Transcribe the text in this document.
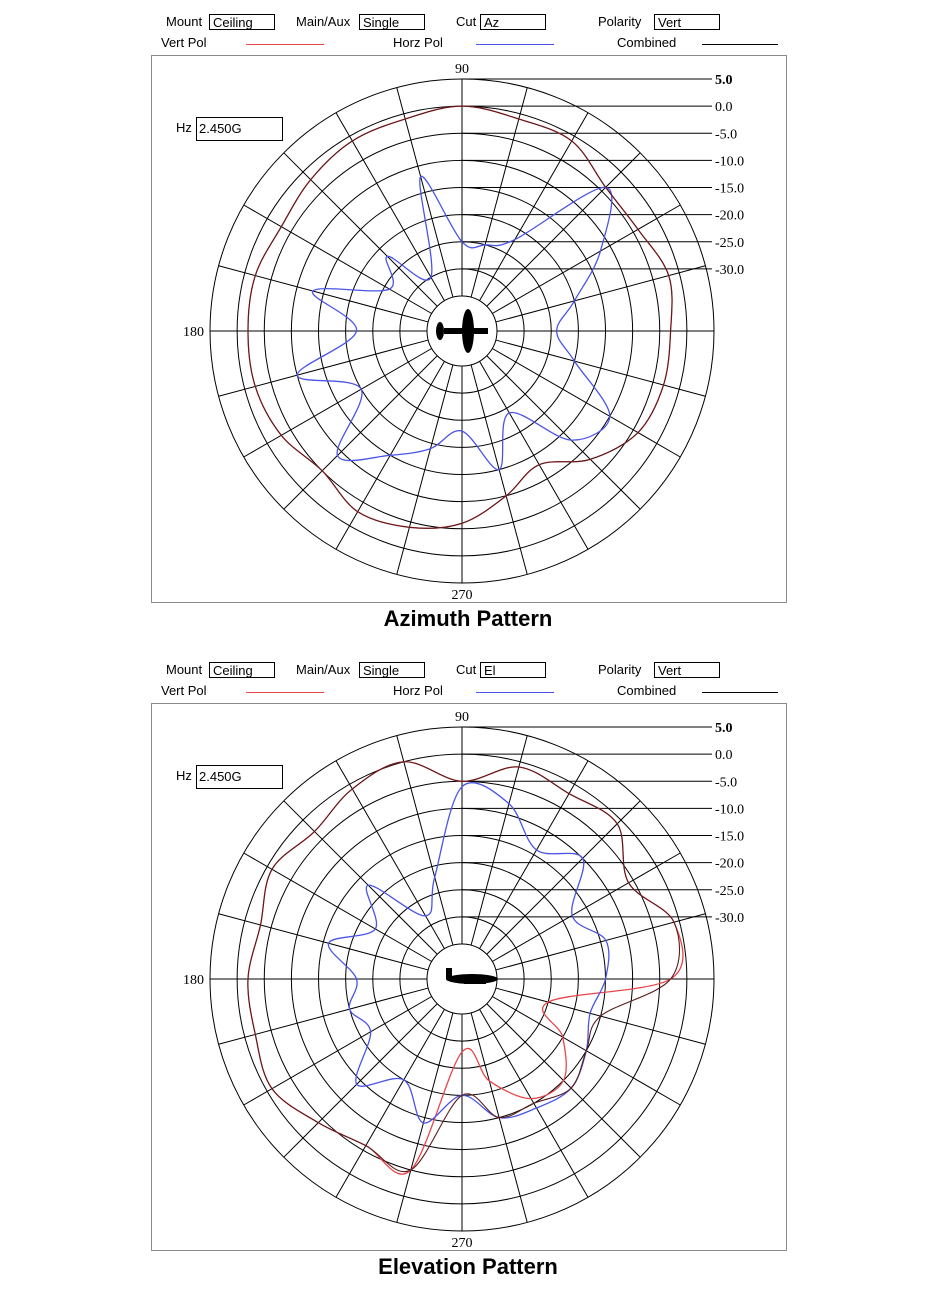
Mount Ceiling	Main/Aux Single	Cut Az	Polarity	Vert
Vert Pol	Horz Pol	Combined
5.0
0.0
-5.0
-10.0
-15.0
-20.0
-25.0
-30.0
90
180
270
Hz 2.450G
Azimuth Pattern
Mount Ceiling	Main/Aux Single	Cut El	Polarity	Vert
Vert Pol	Horz Pol	Combined
5.0
0.0
-5.0
-10.0
-15.0
-20.0
-25.0
-30.0
90
180
270
Hz 2.450G
Elevation Pattern
